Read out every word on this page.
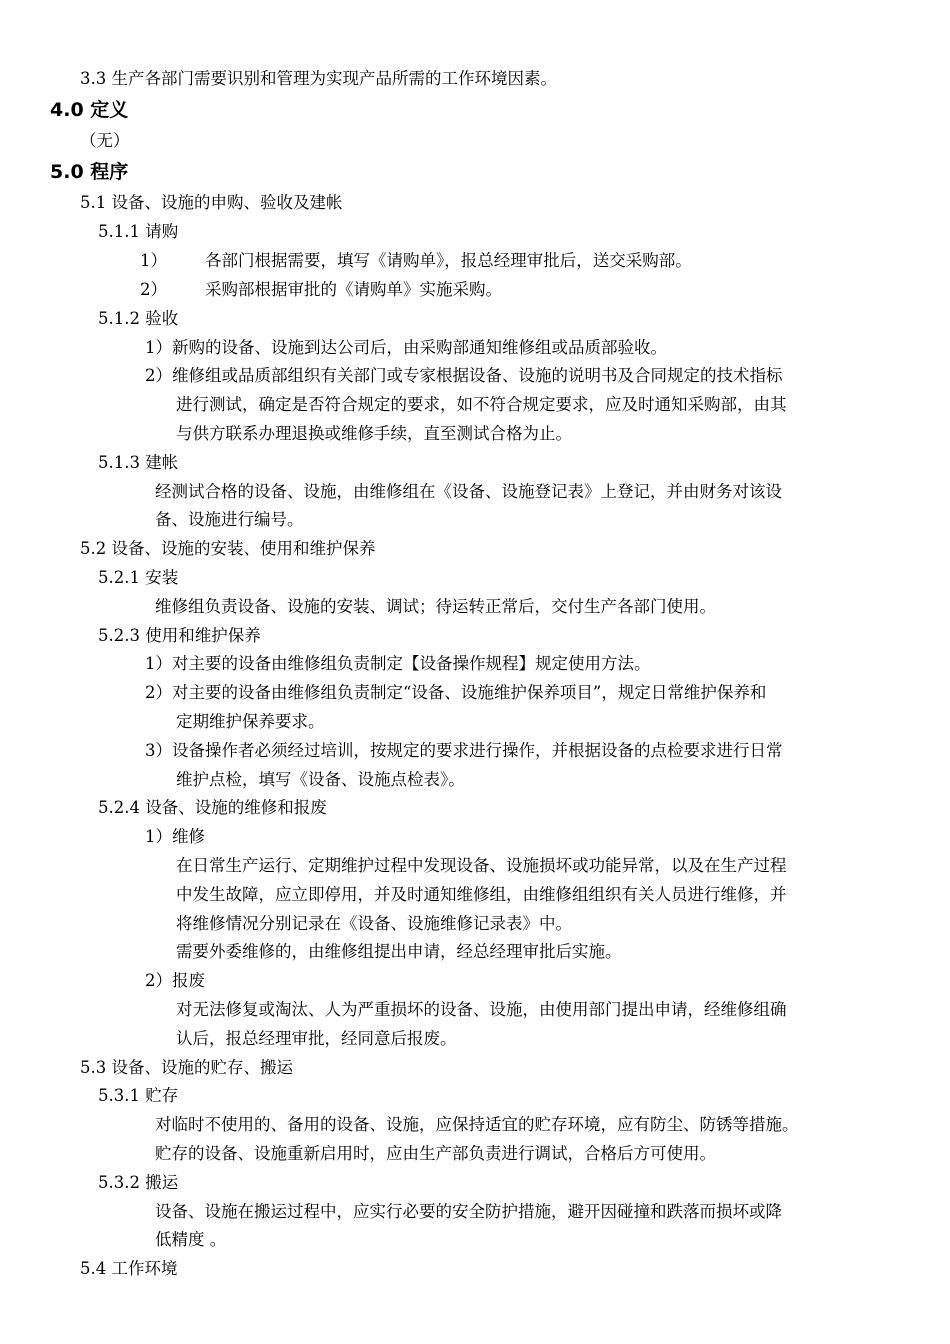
3.3 生产各部门需要识别和管理为实现产品所需的工作环境因素。
4.0 定义
（无）
5.0 程序
5.1 设备、设施的申购、验收及建帐
5.1.1 请购
1） 各部门根据需要，填写《请购单》，报总经理审批后，送交采购部。
2） 采购部根据审批的《请购单》实施采购。
5.1.2 验收
1）新购的设备、设施到达公司后，由采购部通知维修组或品质部验收。
2）维修组或品质部组织有关部门或专家根据设备、设施的说明书及合同规定的技术指标
进行测试，确定是否符合规定的要求，如不符合规定要求，应及时通知采购部，由其
与供方联系办理退换或维修手续，直至测试合格为止。
5.1.3 建帐
经测试合格的设备、设施，由维修组在《设备、设施登记表》上登记，并由财务对该设
备、设施进行编号。
5.2 设备、设施的安装、使用和维护保养
5.2.1 安装
维修组负责设备、设施的安装、调试；待运转正常后，交付生产各部门使用。
5.2.3 使用和维护保养
1）对主要的设备由维修组负责制定【设备操作规程】规定使用方法。
2）对主要的设备由维修组负责制定“设备、设施维护保养项目”，规定日常维护保养和
定期维护保养要求。
3）设备操作者必须经过培训，按规定的要求进行操作，并根据设备的点检要求进行日常
维护点检，填写《设备、设施点检表》。
5.2.4 设备、设施的维修和报废
1）维修
在日常生产运行、定期维护过程中发现设备、设施损坏或功能异常，以及在生产过程
中发生故障，应立即停用，并及时通知维修组，由维修组组织有关人员进行维修，并
将维修情况分别记录在《设备、设施维修记录表》中。
需要外委维修的，由维修组提出申请，经总经理审批后实施。
2）报废
对无法修复或淘汰、人为严重损坏的设备、设施，由使用部门提出申请，经维修组确
认后，报总经理审批，经同意后报废。
5.3 设备、设施的贮存、搬运
5.3.1 贮存
对临时不使用的、备用的设备、设施，应保持适宜的贮存环境，应有防尘、防锈等措施。
贮存的设备、设施重新启用时，应由生产部负责进行调试，合格后方可使用。
5.3.2 搬运
设备、设施在搬运过程中，应实行必要的安全防护措施，避开因碰撞和跌落而损坏或降
低精度 。
5.4 工作环境
